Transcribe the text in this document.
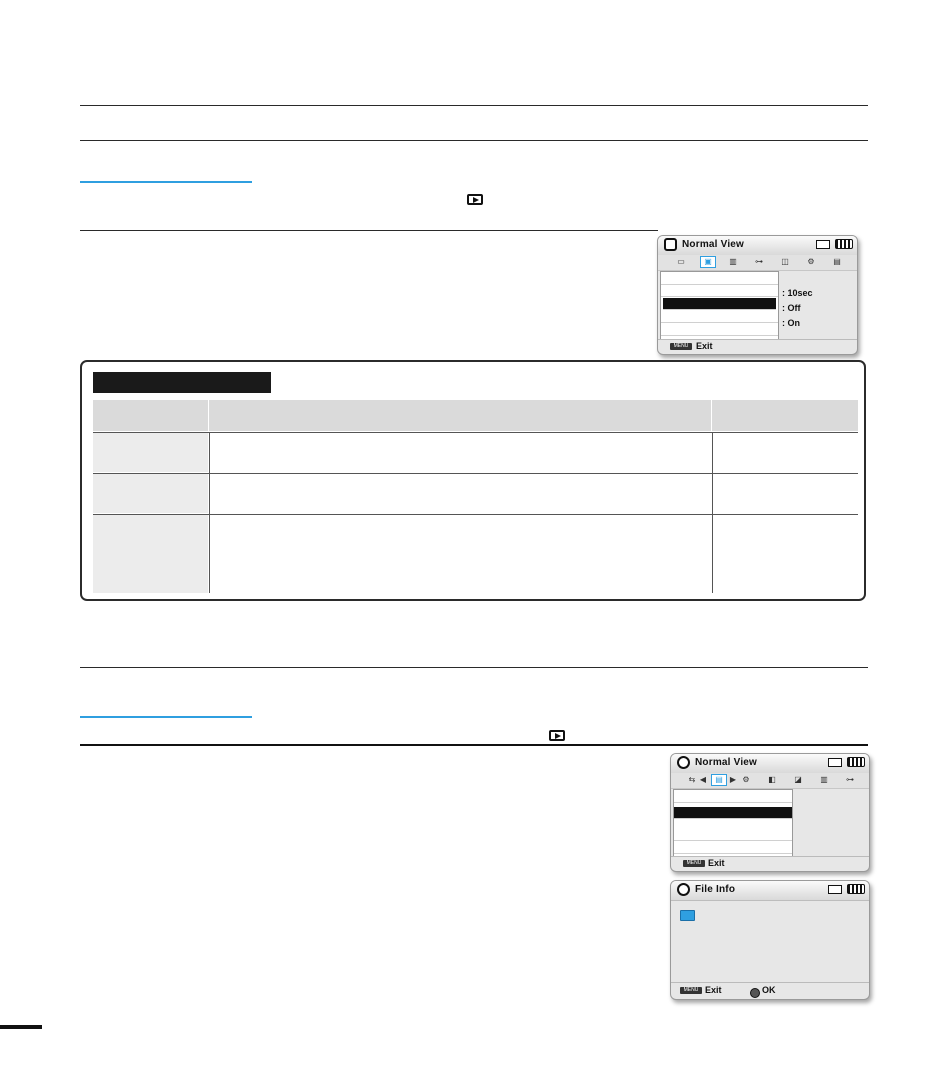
Normal View
▭	▣	▥	⊶	◫	⚙	▤
: 10sec
: Off
: On
MENU Exit
Normal View
⇆ ◀	▤ ▶ ⚙	◧	◪	▥	⊶
MENU Exit
File Info
MENU Exit	OK
